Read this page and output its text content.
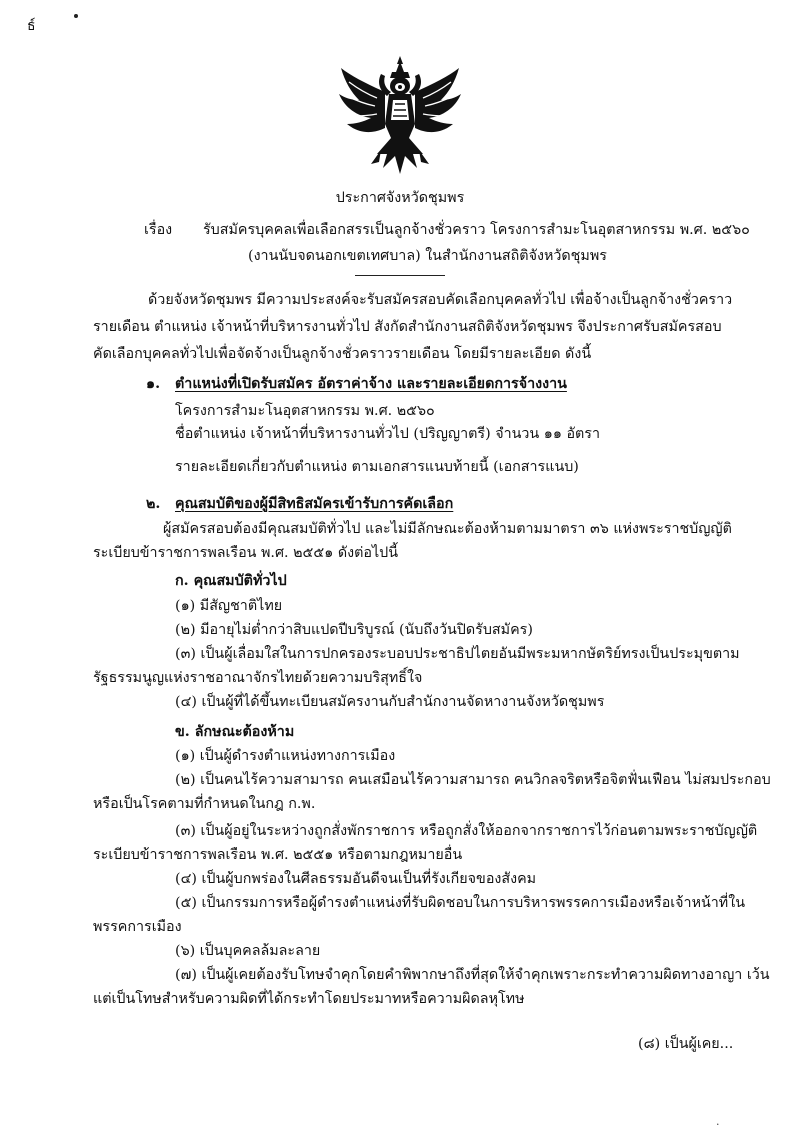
ธ์
ประกาศจังหวัดชุมพร
เรื่อง รับสมัครบุคคลเพื่อเลือกสรรเป็นลูกจ้างชั่วคราว โครงการสำมะโนอุตสาหกรรม พ.ศ. ๒๕๖๐
(งานนับจดนอกเขตเทศบาล) ในสำนักงานสถิติจังหวัดชุมพร
ด้วยจังหวัดชุมพร มีความประสงค์จะรับสมัครสอบคัดเลือกบุคคลทั่วไป เพื่อจ้างเป็นลูกจ้างชั่วคราว
รายเดือน ตำแหน่ง เจ้าหน้าที่บริหารงานทั่วไป สังกัดสำนักงานสถิติจังหวัดชุมพร จึงประกาศรับสมัครสอบ
คัดเลือกบุคคลทั่วไปเพื่อจัดจ้างเป็นลูกจ้างชั่วคราวรายเดือน โดยมีรายละเอียด ดังนี้
๑. ตำแหน่งที่เปิดรับสมัคร อัตราค่าจ้าง และรายละเอียดการจ้างงาน
โครงการสำมะโนอุตสาหกรรม พ.ศ. ๒๕๖๐
ชื่อตำแหน่ง เจ้าหน้าที่บริหารงานทั่วไป (ปริญญาตรี) จำนวน ๑๑ อัตรา
รายละเอียดเกี่ยวกับตำแหน่ง ตามเอกสารแนบท้ายนี้ (เอกสารแนบ)
๒. คุณสมบัติของผู้มีสิทธิสมัครเข้ารับการคัดเลือก
ผู้สมัครสอบต้องมีคุณสมบัติทั่วไป และไม่มีลักษณะต้องห้ามตามมาตรา ๓๖ แห่งพระราชบัญญัติ
ระเบียบข้าราชการพลเรือน พ.ศ. ๒๕๕๑ ดังต่อไปนี้
ก. คุณสมบัติทั่วไป
(๑) มีสัญชาติไทย
(๒) มีอายุไม่ต่ำกว่าสิบแปดปีบริบูรณ์ (นับถึงวันปิดรับสมัคร)
(๓) เป็นผู้เลื่อมใสในการปกครองระบอบประชาธิปไตยอันมีพระมหากษัตริย์ทรงเป็นประมุขตาม
รัฐธรรมนูญแห่งราชอาณาจักรไทยด้วยความบริสุทธิ์ใจ
(๔) เป็นผู้ที่ได้ขึ้นทะเบียนสมัครงานกับสำนักงานจัดหางานจังหวัดชุมพร
ข. ลักษณะต้องห้าม
(๑) เป็นผู้ดำรงตำแหน่งทางการเมือง
(๒) เป็นคนไร้ความสามารถ คนเสมือนไร้ความสามารถ คนวิกลจริตหรือจิตฟั่นเฟือน ไม่สมประกอบ
หรือเป็นโรคตามที่กำหนดในกฎ ก.พ.
(๓) เป็นผู้อยู่ในระหว่างถูกสั่งพักราชการ หรือถูกสั่งให้ออกจากราชการไว้ก่อนตามพระราชบัญญัติ
ระเบียบข้าราชการพลเรือน พ.ศ. ๒๕๕๑ หรือตามกฎหมายอื่น
(๔) เป็นผู้บกพร่องในศีลธรรมอันดีจนเป็นที่รังเกียจของสังคม
(๕) เป็นกรรมการหรือผู้ดำรงตำแหน่งที่รับผิดชอบในการบริหารพรรคการเมืองหรือเจ้าหน้าที่ใน
พรรคการเมือง
(๖) เป็นบุคคลล้มละลาย
(๗) เป็นผู้เคยต้องรับโทษจำคุกโดยคำพิพากษาถึงที่สุดให้จำคุกเพราะกระทำความผิดทางอาญา เว้น
แต่เป็นโทษสำหรับความผิดที่ได้กระทำโดยประมาทหรือความผิดลหุโทษ
(๘) เป็นผู้เคย...
.
